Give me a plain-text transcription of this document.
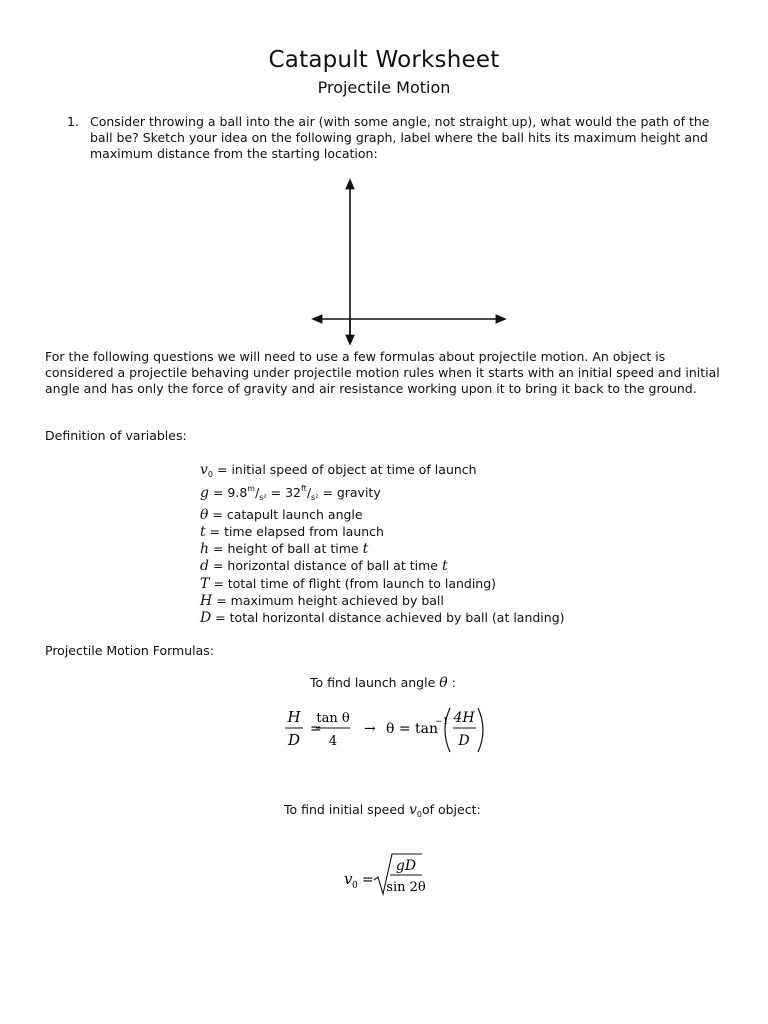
Catapult Worksheet
Projectile Motion
1. Consider throwing a ball into the air (with some angle, not straight up), what would the path of the ball be? Sketch your idea on the following graph, label where the ball hits its maximum height and maximum distance from the starting location:
For the following questions we will need to use a few formulas about projectile motion. An object is considered a projectile behaving under projectile motion rules when it starts with an initial speed and initial angle and has only the force of gravity and air resistance working upon it to bring it back to the ground.
Definition of variables:
$v_0$ = initial speed of object at time of launch
$g = 9.8^m/_{s^2} = 32^{ft}/_{s^2}$ = gravity
θ = catapult launch angle
t = time elapsed from launch
h = height of ball at time t
d = horizontal distance of ball at time t
T = total time of flight (from launch to landing)
H = maximum height achieved by ball
D = total horizontal distance achieved by ball (at landing)
Projectile Motion Formulas:
To find launch angle θ :
H
D
=
tan θ
4
→ θ = tan
−1 4H
D
To find initial speed $v_0of$ object:
v 0 =
gD
sin 2θ
